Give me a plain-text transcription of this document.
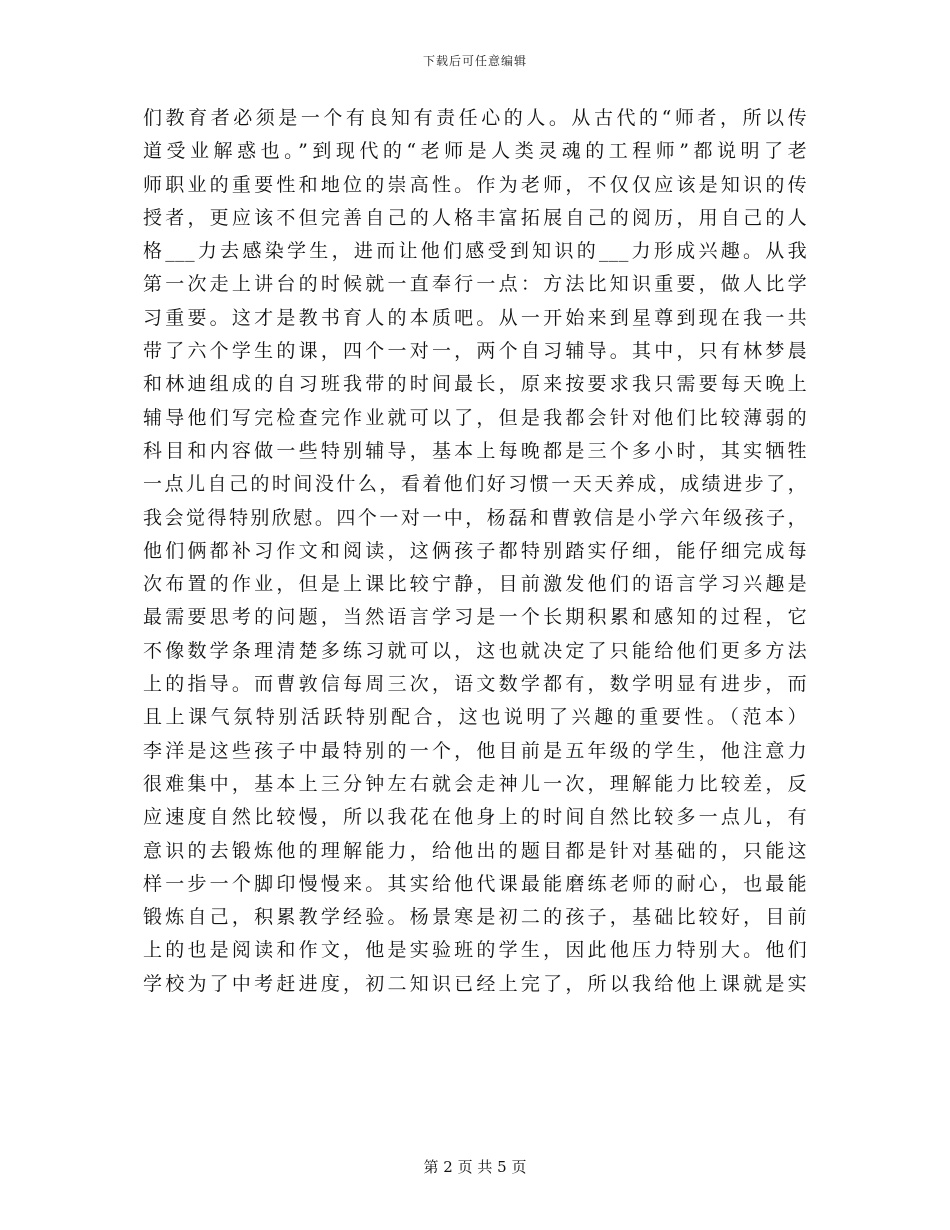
下载后可任意编辑
们教育者必须是一个有良知有责任心的人。从古代的“师者，所以传
道受业解惑也。”到现代的“老师是人类灵魂的工程师”都说明了老
师职业的重要性和地位的崇高性。作为老师，不仅仅应该是知识的传
授者，更应该不但完善自己的人格丰富拓展自己的阅历，用自己的人
格___力去感染学生，进而让他们感受到知识的___力形成兴趣。从我
第一次走上讲台的时候就一直奉行一点：方法比知识重要，做人比学
习重要。这才是教书育人的本质吧。从一开始来到星尊到现在我一共
带了六个学生的课，四个一对一，两个自习辅导。其中，只有林梦晨
和林迪组成的自习班我带的时间最长，原来按要求我只需要每天晚上
辅导他们写完检查完作业就可以了，但是我都会针对他们比较薄弱的
科目和内容做一些特别辅导，基本上每晚都是三个多小时，其实牺牲
一点儿自己的时间没什么，看着他们好习惯一天天养成，成绩进步了，
我会觉得特别欣慰。四个一对一中，杨磊和曹敦信是小学六年级孩子，
他们俩都补习作文和阅读，这俩孩子都特别踏实仔细，能仔细完成每
次布置的作业，但是上课比较宁静，目前激发他们的语言学习兴趣是
最需要思考的问题，当然语言学习是一个长期积累和感知的过程，它
不像数学条理清楚多练习就可以，这也就决定了只能给他们更多方法
上的指导。而曹敦信每周三次，语文数学都有，数学明显有进步，而
且上课气氛特别活跃特别配合，这也说明了兴趣的重要性。（范本）
李洋是这些孩子中最特别的一个，他目前是五年级的学生，他注意力
很难集中，基本上三分钟左右就会走神儿一次，理解能力比较差，反
应速度自然比较慢，所以我花在他身上的时间自然比较多一点儿，有
意识的去锻炼他的理解能力，给他出的题目都是针对基础的，只能这
样一步一个脚印慢慢来。其实给他代课最能磨练老师的耐心，也最能
锻炼自己，积累教学经验。杨景寒是初二的孩子，基础比较好，目前
上的也是阅读和作文，他是实验班的学生，因此他压力特别大。他们
学校为了中考赶进度，初二知识已经上完了，所以我给他上课就是实
第 2 页 共 5 页
